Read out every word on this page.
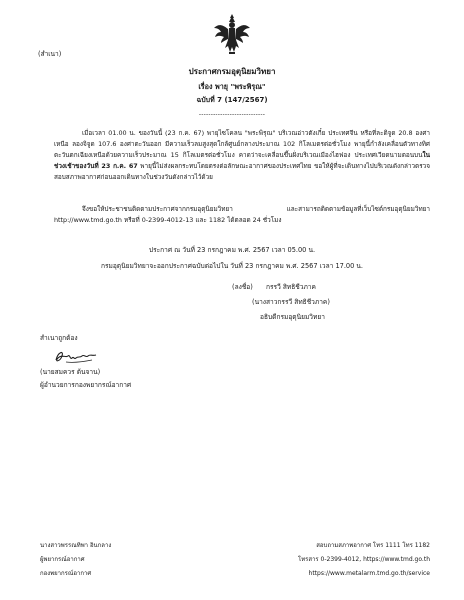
(สำเนา)
ประกาศกรมอุตุนิยมวิทยา
เรื่อง พายุ "พระพิรุณ"
ฉบับที่ 7 (147/2567)
----------------------------
เมื่อเวลา 01.00 น. ของวันนี้ (23 ก.ค. 67) พายุไซโคลน "พระพิรุณ" บริเวณอ่าวตังเกี๋ย ประเทศจีน หรือที่ละติจูด 20.8 องศาเหนือ ลองจิจูด 107.6 องศาตะวันออก มีความเร็วลมสูงสุดใกล้ศูนย์กลางประมาณ 102 กิโลเมตรต่อชั่วโมง พายุนี้กำลังเคลื่อนตัวทางทิศตะวันตกเฉียงเหนือด้วยความเร็วประมาณ 15 กิโลเมตรต่อชั่วโมง คาดว่าจะเคลื่อนขึ้นฝั่งบริเวณเมืองไฮฟอง ประเทศเวียดนามตอนบนในช่วงเช้าของวันที่ 23 ก.ค. 67 พายุนี้ไม่ส่งผลกระทบโดยตรงต่อลักษณะอากาศของประเทศไทย ขอให้ผู้ที่จะเดินทางไปบริเวณดังกล่าวตรวจสอบสภาพอากาศก่อนออกเดินทางในช่วงวันดังกล่าวไว้ด้วย
จึงขอให้ประชาชนติดตามประกาศจากกรมอุตุนิยมวิทยา และสามารถติดตามข้อมูลที่เว็บไซต์กรมอุตุนิยมวิทยา http://www.tmd.go.th หรือที่ 0-2399-4012-13 และ 1182 ได้ตลอด 24 ชั่วโมง
ประกาศ ณ วันที่ 23 กรกฎาคม พ.ศ. 2567 เวลา 05.00 น.
กรมอุตุนิยมวิทยาจะออกประกาศฉบับต่อไปใน วันที่ 23 กรกฎาคม พ.ศ. 2567 เวลา 17.00 น.
(ลงชื่อ) กรรวี สิทธิชีวภาค
(นางสาวกรรวี สิทธิชีวภาค)
อธิบดีกรมอุตุนิยมวิทยา
สำเนาถูกต้อง
(นายสมควร ต้นจาน)
ผู้อำนวยการกองพยากรณ์อากาศ
นางสาวพรรณทิพา อินกลาง
ผู้พยากรณ์อากาศ
กองพยากรณ์อากาศ
สอบถามสภาพอากาศ โทร 1111 โทร 1182
โทรสาร 0-2399-4012, https://www.tmd.go.th
https://www.metalarm.tmd.go.th/service
